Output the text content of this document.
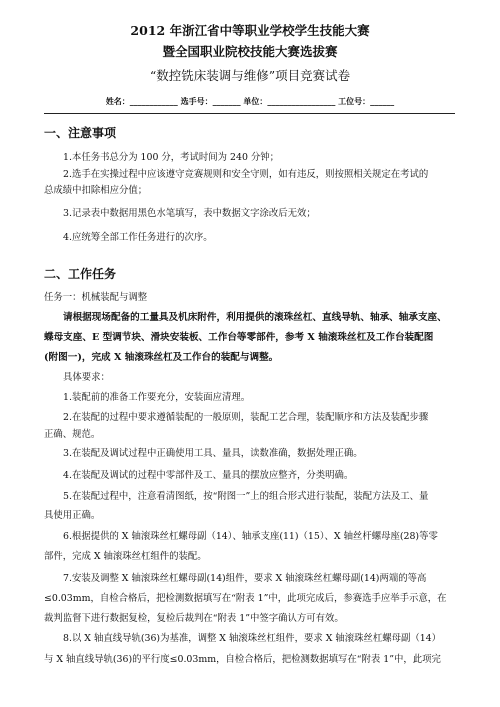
2012 年浙江省中等职业学校学生技能大赛
暨全国职业院校技能大赛选拔赛
“数控铣床装调与维修”项目竞赛试卷
姓名：____________ 选手号：_______ 单位：_________________ 工位号：______
一、注意事项
1.本任务书总分为 100 分，考试时间为 240 分钟；
2.选手在实操过程中应该遵守竞赛规则和安全守则，如有违反，则按照相关规定在考试的
总成绩中扣除相应分值；
3.记录表中数据用黑色水笔填写，表中数据文字涂改后无效；
4.应统筹全部工作任务进行的次序。
二、工作任务
任务一：机械装配与调整
请根据现场配备的工量具及机床附件，利用提供的滚珠丝杠、直线导轨、轴承、轴承支座、
蝶母支座、E 型调节块、滑块安装板、工作台等零部件，参考 X 轴滚珠丝杠及工作台装配图
(附图一)，完成 X 轴滚珠丝杠及工作台的装配与调整。
具体要求：
1.装配前的准备工作要充分，安装面应清理。
2.在装配的过程中要求遵循装配的一般原则，装配工艺合理，装配顺序和方法及装配步骤
正确、规范。
3.在装配及调试过程中正确使用工具、量具，读数准确，数据处理正确。
4.在装配及调试的过程中零部件及工、量具的摆放应整齐，分类明确。
5.在装配过程中，注意看清图纸，按“附图一”上的组合形式进行装配，装配方法及工、量
具使用正确。
6.根据提供的 X 轴滚珠丝杠螺母副（14）、轴承支座(11)（15）、X 轴丝杆螺母座(28)等零
部件，完成 X 轴滚珠丝杠组件的装配。
7.安装及调整 X 轴滚珠丝杠螺母副(14)组件，要求 X 轴滚珠丝杠螺母副(14)两端的等高
≤0.03mm，自检合格后，把检测数据填写在“附表 1”中，此项完成后，参赛选手应举手示意，在
裁判监督下进行数据复检，复检后裁判在“附表 1”中签字确认方可有效。
8.以 X 轴直线导轨(36)为基准，调整 X 轴滚珠丝杠组件，要求 X 轴滚珠丝杠螺母副（14）
与 X 轴直线导轨(36)的平行度≤0.03mm，自检合格后，把检测数据填写在“附表 1”中，此项完
